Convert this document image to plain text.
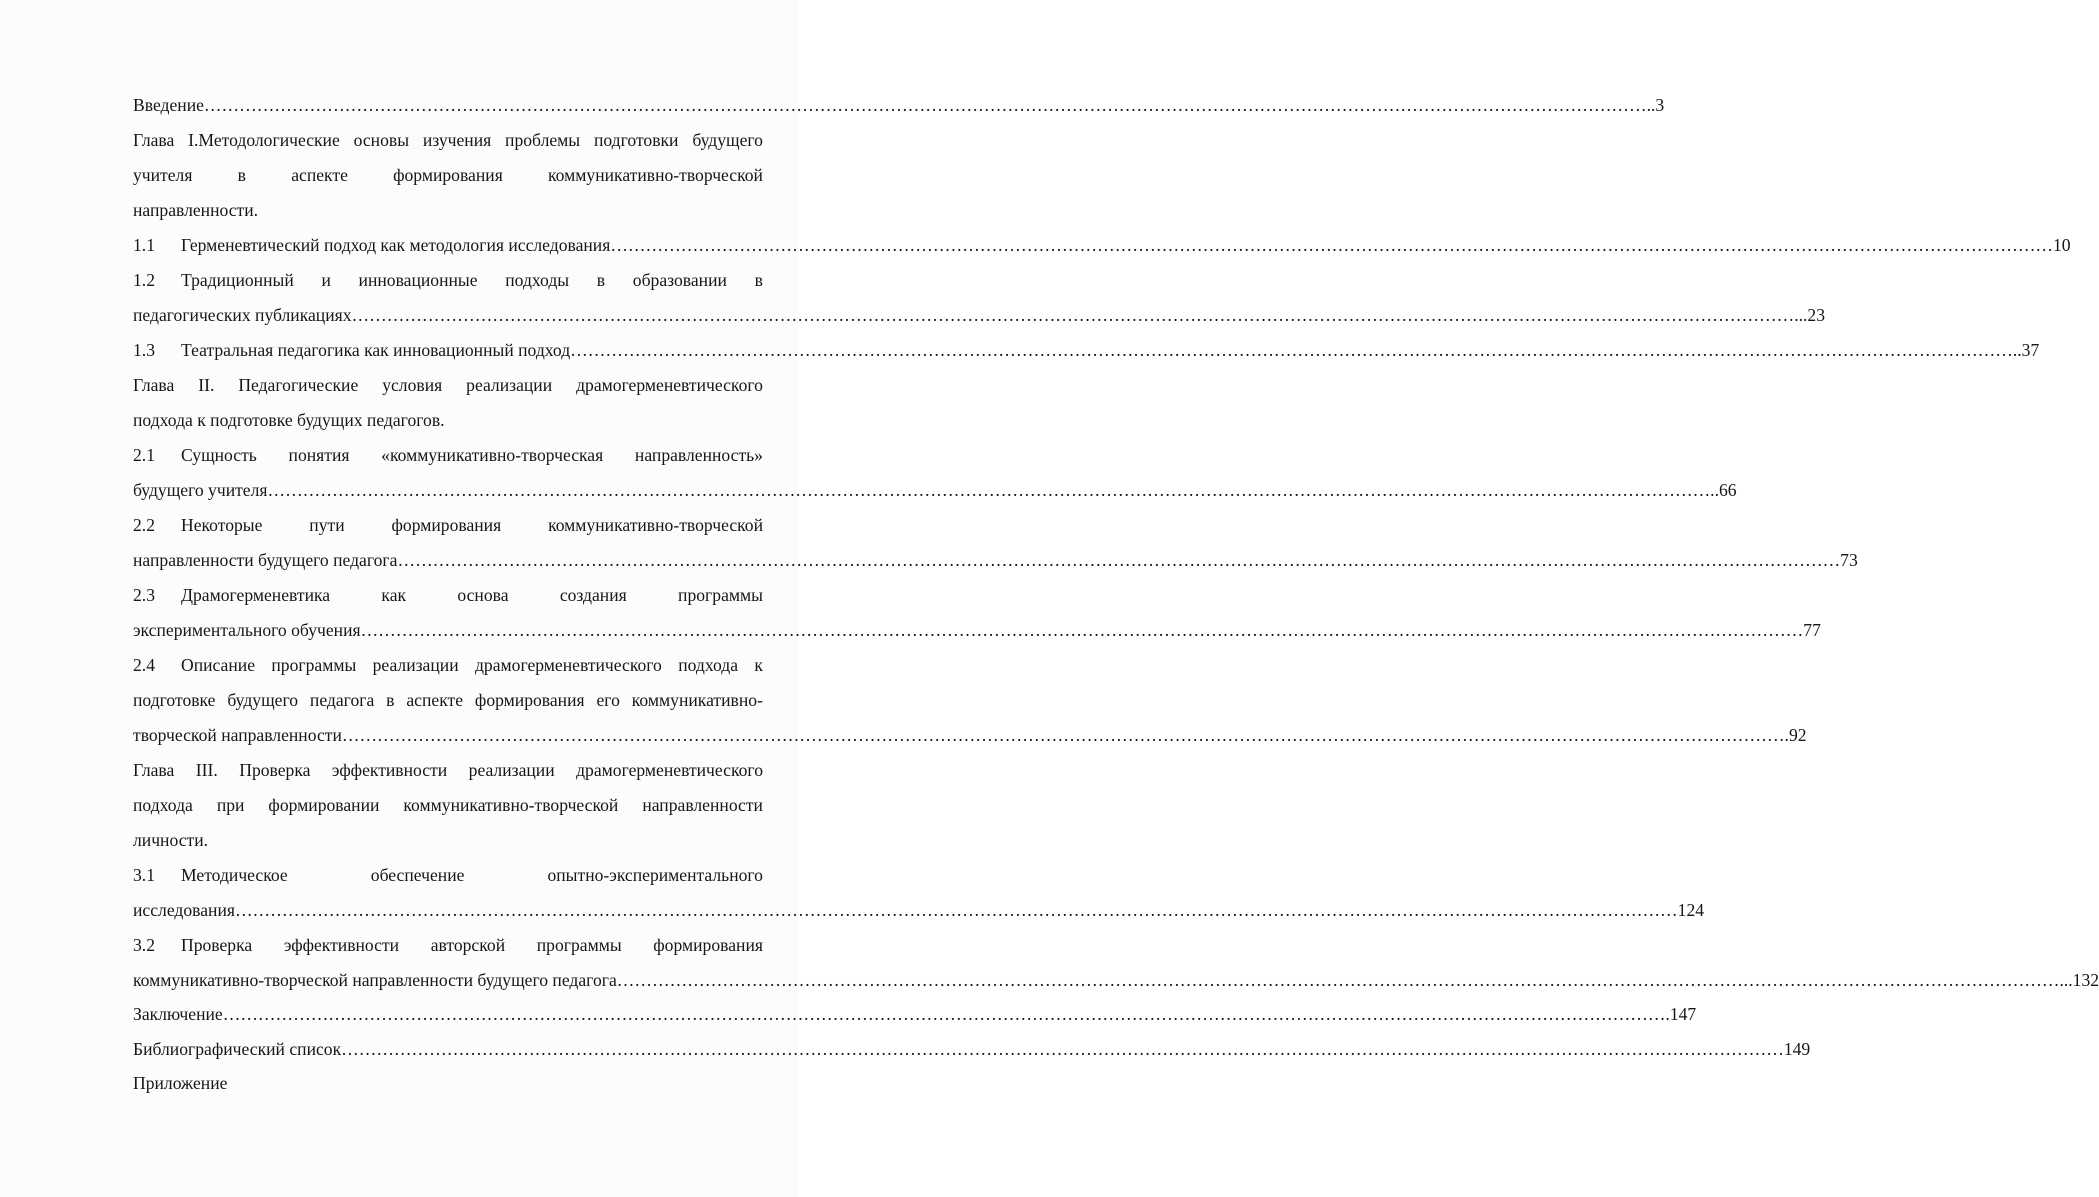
Введение ………………………………………………………………………………………………………………………………………………………………………………………………………………………… ..3
Глава I.Методологические основы изучения проблемы подготовки будущего
учителя	в	аспекте	формирования	коммуникативно-творческой
направленности.
1.1 Герменевтический подход как методология исследования ………………………………………………………………………………………………………………………………………………………………………………………………………………………… 10
1.2	Традиционный и инновационные подходы в образовании в
педагогических публикациях ………………………………………………………………………………………………………………………………………………………………………………………………………………………… ...23
1.3 Театральная педагогика как инновационный подход ………………………………………………………………………………………………………………………………………………………………………………………………………………………… ..37
Глава II. Педагогические условия реализации драмогерменевтического
подхода к подготовке будущих педагогов.
2.1	Сущность понятия «коммуникативно-творческая направленность»
будущего учителя ………………………………………………………………………………………………………………………………………………………………………………………………………………………… ..66
2.2	Некоторые	пути	формирования	коммуникативно-творческой
направленности будущего педагога ………………………………………………………………………………………………………………………………………………………………………………………………………………………… 73
2.3	Драмогерменевтика	как	основа	создания	программы
экспериментального обучения ………………………………………………………………………………………………………………………………………………………………………………………………………………………… 77
2.4	Описание программы реализации драмогерменевтического подхода к
подготовке будущего педагога в аспекте формирования его коммуникативно-
творческой направленности ………………………………………………………………………………………………………………………………………………………………………………………………………………………… .92
Глава III. Проверка эффективности реализации драмогерменевтического
подхода при формировании коммуникативно-творческой направленности
личности.
3.1	Методическое	обеспечение	опытно-экспериментального
исследования ………………………………………………………………………………………………………………………………………………………………………………………………………………………… 124
3.2	Проверка эффективности авторской программы формирования
коммуникативно-творческой направленности будущего педагога ………………………………………………………………………………………………………………………………………………………………………………………………………………………… ...132
Заключение ………………………………………………………………………………………………………………………………………………………………………………………………………………………… .147
Библиографический список ………………………………………………………………………………………………………………………………………………………………………………………………………………………… 149
Приложение
